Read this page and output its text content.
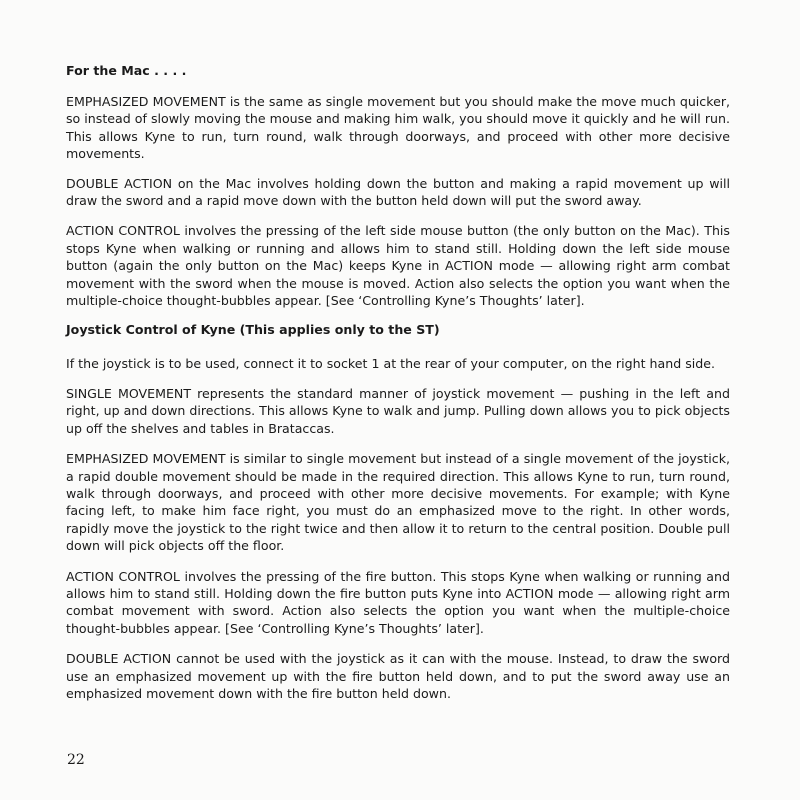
For the Mac . . . .

EMPHASIZED MOVEMENT is the same as single movement but you should make the move much quicker, so instead of slowly moving the mouse and making him walk, you should move it quickly and he will run. This allows Kyne to run, turn round, walk through doorways, and proceed with other more decisive movements.

DOUBLE ACTION on the Mac involves holding down the button and making a rapid movement up will draw the sword and a rapid move down with the button held down will put the sword away.

ACTION CONTROL involves the pressing of the left side mouse button (the only button on the Mac). This stops Kyne when walking or running and allows him to stand still. Holding down the left side mouse button (again the only button on the Mac) keeps Kyne in ACTION mode — allowing right arm combat movement with the sword when the mouse is moved. Action also selects the option you want when the multiple-choice thought-bubbles appear. [See ‘Controlling Kyne’s Thoughts’ later].

Joystick Control of Kyne (This applies only to the ST)

If the joystick is to be used, connect it to socket 1 at the rear of your computer, on the right hand side.

SINGLE MOVEMENT represents the standard manner of joystick movement — pushing in the left and right, up and down directions. This allows Kyne to walk and jump. Pulling down allows you to pick objects up off the shelves and tables in Brataccas.

EMPHASIZED MOVEMENT is similar to single movement but instead of a single movement of the joystick, a rapid double movement should be made in the required direction. This allows Kyne to run, turn round, walk through doorways, and proceed with other more decisive movements. For example; with Kyne facing left, to make him face right, you must do an emphasized move to the right. In other words, rapidly move the joystick to the right twice and then allow it to return to the central position. Double pull down will pick objects off the floor.

ACTION CONTROL involves the pressing of the fire button. This stops Kyne when walking or running and allows him to stand still. Holding down the fire button puts Kyne into ACTION mode — allowing right arm combat movement with sword. Action also selects the option you want when the multiple-choice thought-bubbles appear. [See ‘Controlling Kyne’s Thoughts’ later].

DOUBLE ACTION cannot be used with the joystick as it can with the mouse. Instead, to draw the sword use an emphasized movement up with the fire button held down, and to put the sword away use an emphasized movement down with the fire button held down.

22
